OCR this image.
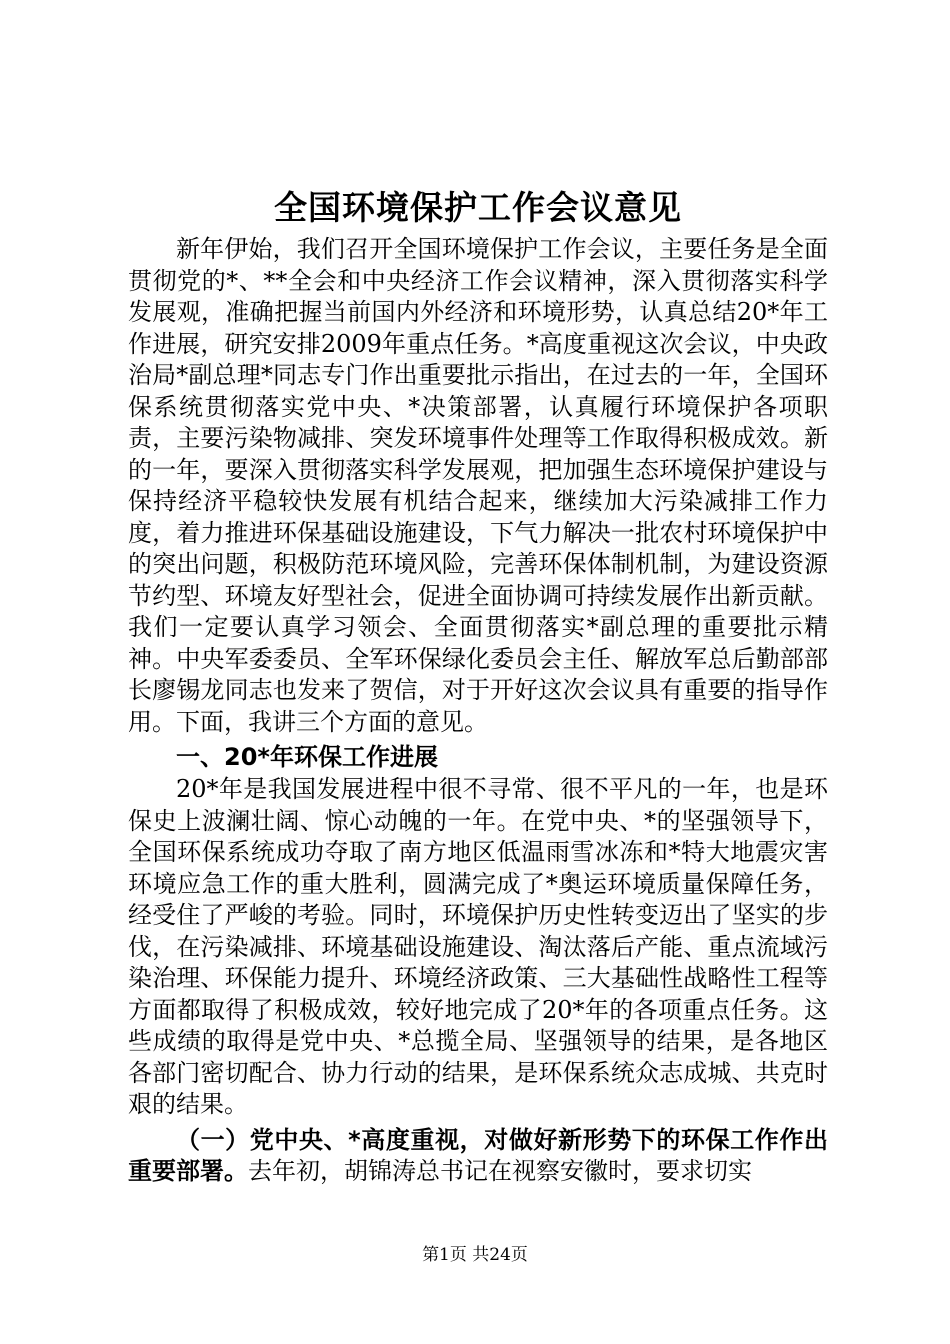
全国环境保护工作会议意见

新年伊始，我们召开全国环境保护工作会议，主要任务是全面贯彻党的*、**全会和中央经济工作会议精神，深入贯彻落实科学发展观，准确把握当前国内外经济和环境形势，认真总结20*年工作进展，研究安排2009年重点任务。*高度重视这次会议，中央政治局*副总理*同志专门作出重要批示指出，在过去的一年，全国环保系统贯彻落实党中央、*决策部署，认真履行环境保护各项职责，主要污染物减排、突发环境事件处理等工作取得积极成效。新的一年，要深入贯彻落实科学发展观，把加强生态环境保护建设与保持经济平稳较快发展有机结合起来，继续加大污染减排工作力度，着力推进环保基础设施建设，下气力解决一批农村环境保护中的突出问题，积极防范环境风险，完善环保体制机制，为建设资源节约型、环境友好型社会，促进全面协调可持续发展作出新贡献。我们一定要认真学习领会、全面贯彻落实*副总理的重要批示精神。中央军委委员、全军环保绿化委员会主任、解放军总后勤部部长廖锡龙同志也发来了贺信，对于开好这次会议具有重要的指导作用。下面，我讲三个方面的意见。

一、20*年环保工作进展

20*年是我国发展进程中很不寻常、很不平凡的一年，也是环保史上波澜壮阔、惊心动魄的一年。在党中央、*的坚强领导下，全国环保系统成功夺取了南方地区低温雨雪冰冻和*特大地震灾害环境应急工作的重大胜利，圆满完成了*奥运环境质量保障任务，经受住了严峻的考验。同时，环境保护历史性转变迈出了坚实的步伐，在污染减排、环境基础设施建设、淘汰落后产能、重点流域污染治理、环保能力提升、环境经济政策、三大基础性战略性工程等方面都取得了积极成效，较好地完成了20*年的各项重点任务。这些成绩的取得是党中央、*总揽全局、坚强领导的结果，是各地区各部门密切配合、协力行动的结果，是环保系统众志成城、共克时艰的结果。

（一）党中央、*高度重视，对做好新形势下的环保工作作出重要部署。去年初，胡锦涛总书记在视察安徽时，要求切实

第1页 共24页
